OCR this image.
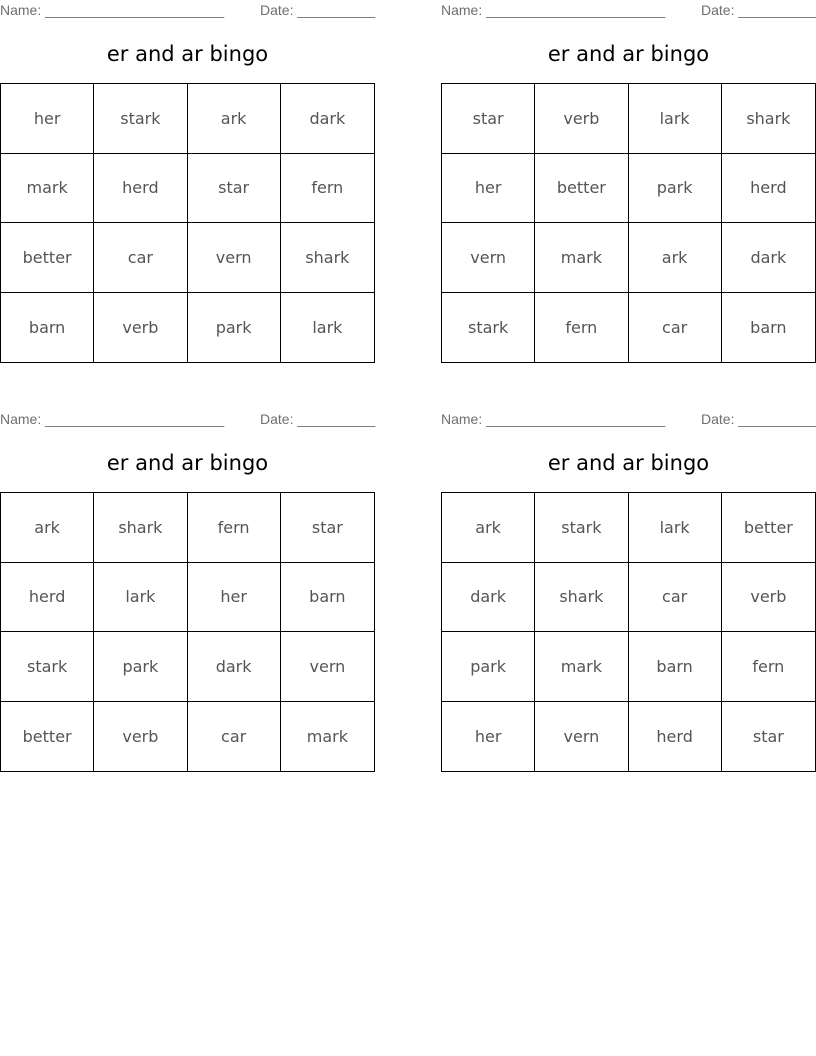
Name: _______________________	Date: __________
er and ar bingo
her	stark	ark	dark
mark	herd	star	fern
better	car	vern	shark
barn	verb	park	lark
Name: _______________________	Date: __________
er and ar bingo
star	verb	lark	shark
her	better	park	herd
vern	mark	ark	dark
stark	fern	car	barn
Name: _______________________	Date: __________
er and ar bingo
ark	shark	fern	star
herd	lark	her	barn
stark	park	dark	vern
better	verb	car	mark
Name: _______________________	Date: __________
er and ar bingo
ark	stark	lark	better
dark	shark	car	verb
park	mark	barn	fern
her	vern	herd	star
